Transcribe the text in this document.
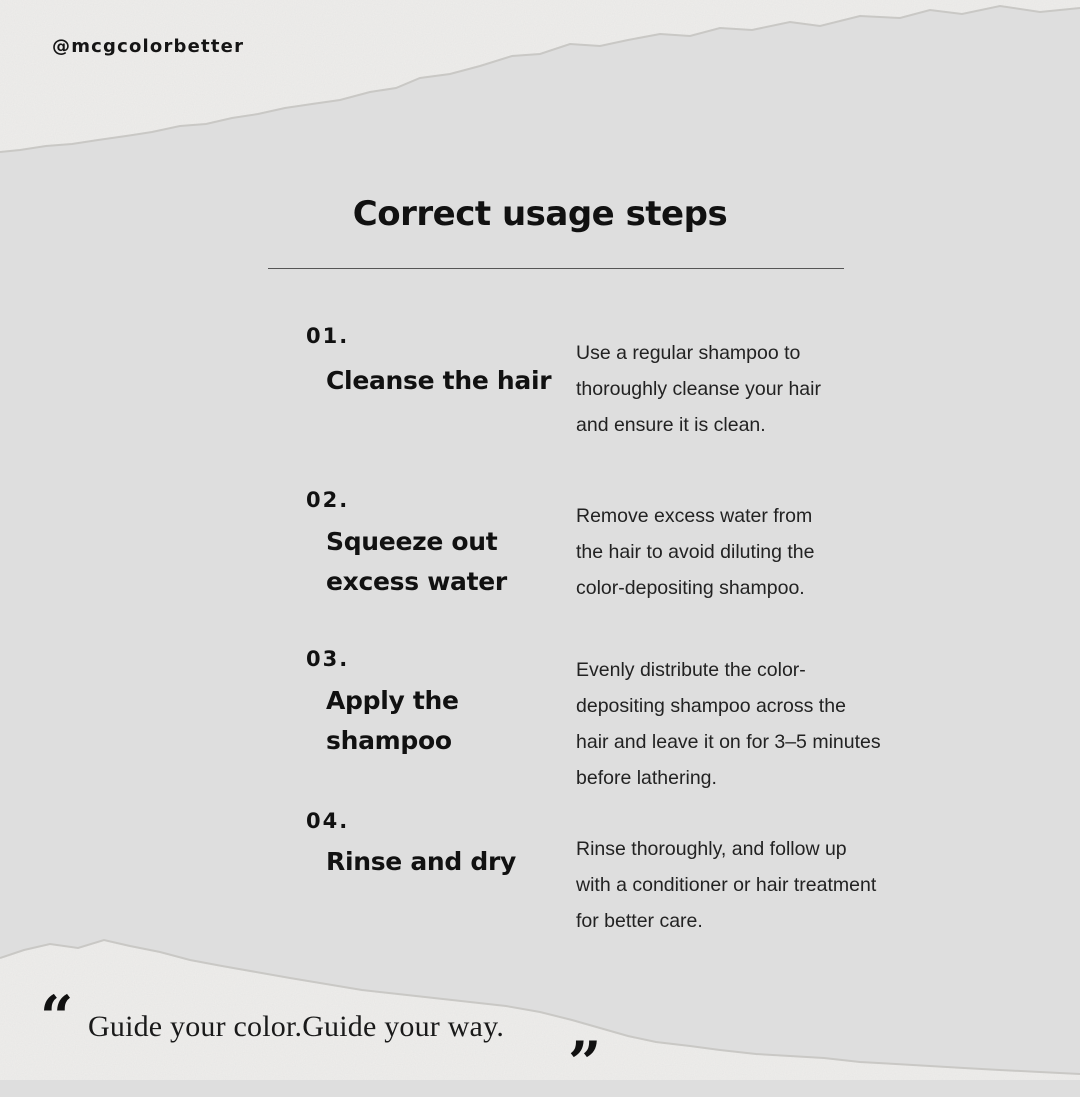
@mcgcolorbetter
Correct usage steps
01.
Cleanse the hair
Use a regular shampoo to
thoroughly cleanse your hair
and ensure it is clean.
02.
Squeeze out excess water
Remove excess water from
the hair to avoid diluting the
color-depositing shampoo.
03.
Apply the shampoo
Evenly distribute the color-
depositing shampoo across the
hair and leave it on for 3–5 minutes
before lathering.
04.
Rinse and dry	Rinse thoroughly, and follow up
with a conditioner or hair treatment
for better care.
“ Guide your color.Guide your way.
”
